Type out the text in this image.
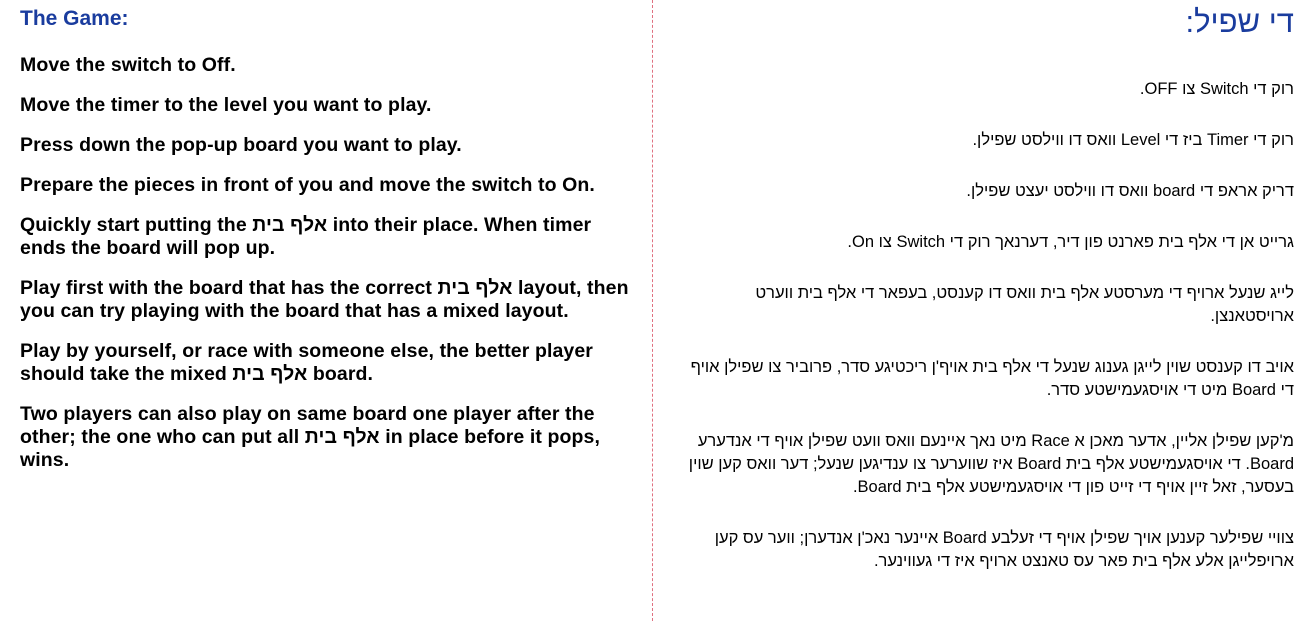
The Game:

Move the switch to Off.

Move the timer to the level you want to play.

Press down the pop-up board you want to play.

Prepare the pieces in front of you and move the switch to On.

Quickly start putting the אלף בית into their place. When timer ends the board will pop up.

Play first with the board that has the correct אלף בית layout, then you can try playing with the board that has a mixed layout.

Play by yourself, or race with someone else, the better player should take the mixed אלף בית board.

Two players can also play on same board one player after the other; the one who can put all אלף בית in place before it pops, wins.

די שפיל:

רוק די Switch צו OFF.

רוק די Timer ביז די Level וואס דו ווילסט שפילן.

דריק אראפ די board וואס דו ווילסט יעצט שפילן.

גרייט אן די אלף בית פארנט פון דיר, דערנאך רוק די Switch צו On.

לייג שנעל ארויף די מערסטע אלף בית וואס דו קענסט, בעפאר די אלף בית ווערט ארויסטאנצן.

אויב דו קענסט שוין לייגן גענוג שנעל די אלף בית אויף'ן ריכטיגע סדר, פרוביר צו שפילן אויף די Board מיט די אויסגעמישטע סדר.

מ'קען שפילן אליין, אדער מאכן א Race מיט נאך איינעם וואס וועט שפילן אויף די אנדערע Board. די אויסגעמישטע אלף בית Board איז שווערער צו ענדיגען שנעל; דער וואס קען שוין בעסער, זאל זיין אויף די זייט פון די אויסגעמישטע אלף בית Board.

צוויי שפילער קענען אויך שפילן אויף די זעלבע Board איינער נאכ'ן אנדערן; ווער עס קען ארויפלייגן אלע אלף בית פאר עס טאנצט ארויף איז די געווינער.
